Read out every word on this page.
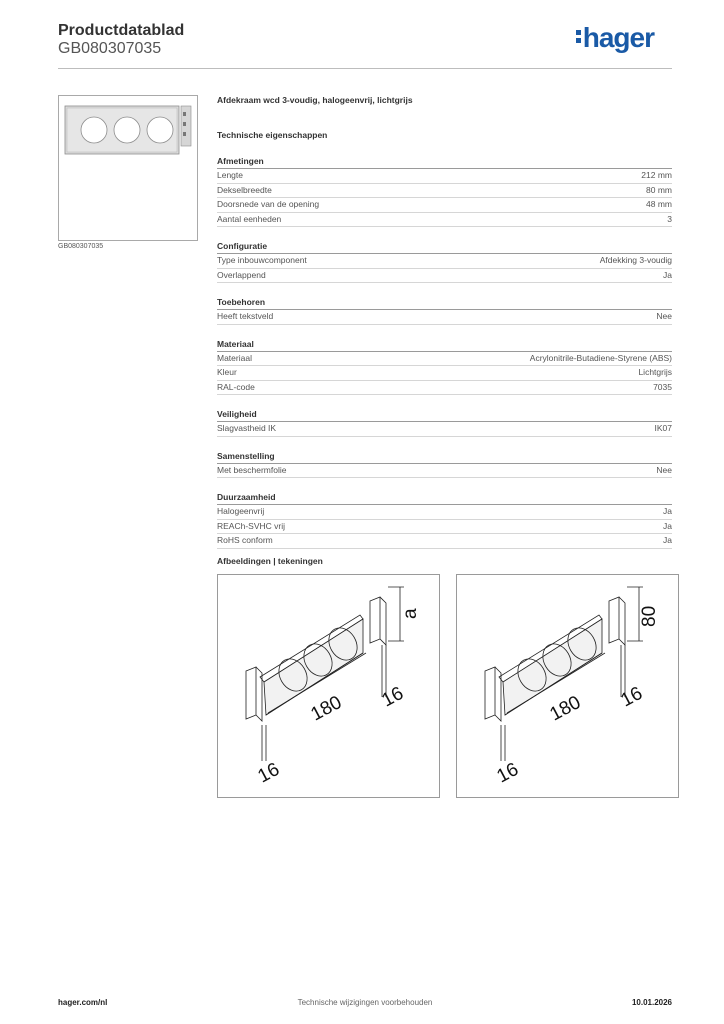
Productdatablad
GB080307035	hager
GB080307035
Afdekraam wcd 3-voudig, halogeenvrij, lichtgrijs
Technische eigenschappen
Afmetingen
Lengte	212 mm
Dekselbreedte	80 mm
Doorsnede van de opening	48 mm
Aantal eenheden	3
Configuratie
Type inbouwcomponent	Afdekking 3-voudig
Overlappend	Ja
Toebehoren
Heeft tekstveld	Nee
Materiaal
Materiaal	Acrylonitrile-Butadiene-Styrene (ABS)
Kleur	Lichtgrijs
RAL-code	7035
Veiligheid
Slagvastheid IK	IK07
Samenstelling
Met beschermfolie	Nee
Duurzaamheid
Halogeenvrij	Ja
REACh-SVHC vrij	Ja
RoHS conform	Ja
Afbeeldingen | tekeningen
180 16
16
a
180 16
16
80
Technische wijzigingen voorbehouden
hager.com/nl	10.01.2026
